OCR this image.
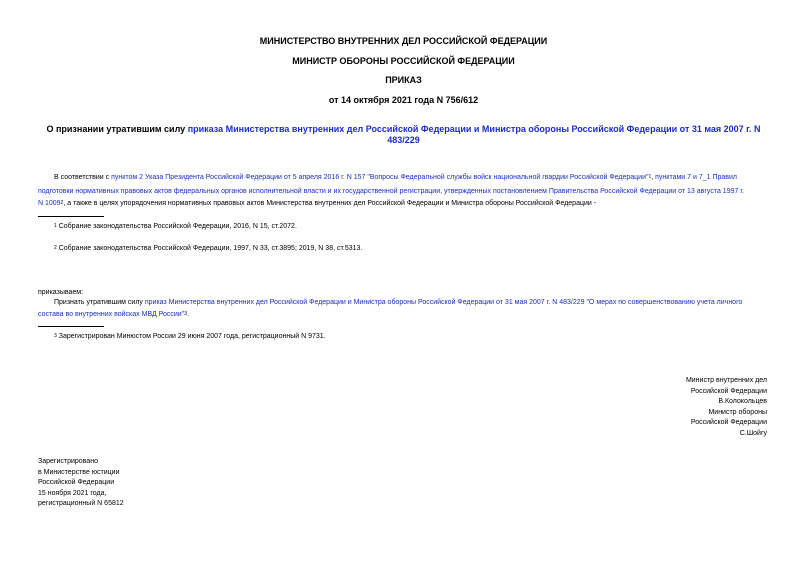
МИНИСТЕРСТВО ВНУТРЕННИХ ДЕЛ РОССИЙСКОЙ ФЕДЕРАЦИИ
МИНИСТР ОБОРОНЫ РОССИЙСКОЙ ФЕДЕРАЦИИ
ПРИКАЗ
от 14 октября 2021 года N 756/612
О признании утратившим силу приказа Министерства внутренних дел Российской Федерации и Министра обороны Российской Федерации от 31 мая 2007 г. N
483/229
В соответствии с пунктом 2 Указа Президента Российской Федерации от 5 апреля 2016 г. N 157 "Вопросы Федеральной службы войск национальной гвардии Российской Федерации"$^1$, пунктами 7 и 7_1 Правил
подготовки нормативных правовых актов федеральных органов исполнительной власти и их государственной регистрации, утвержденных постановлением Правительства Российской Федерации от 13 августа 1997 г.
N 1009$^2$, а также в целях упорядочения нормативных правовых актов Министерства внутренних дел Российской Федерации и Министра обороны Российской Федерации -
$^1$ Собрание законодательства Российской Федерации, 2016, N 15, ст.2072.
$^2$ Собрание законодательства Российской Федерации, 1997, N 33, ст.3895; 2019, N 38, ст.5313.
приказываем:
Признать утратившим силу приказ Министерства внутренних дел Российской Федерации и Министра обороны Российской Федерации от 31 мая 2007 г. N 483/229 "О мерах по совершенствованию учета личного
состава во внутренних войсках МВД России"$^3$.
$^3$ Зарегистрирован Минюстом России 29 июня 2007 года, регистрационный N 9731.
Министр внутренних дел
Российской Федерации
В.Колокольцев
Министр обороны
Российской Федерации
С.Шойгу
Зарегистрировано
в Министерстве юстиции
Российской Федерации
15 ноября 2021 года,
регистрационный N 65812
